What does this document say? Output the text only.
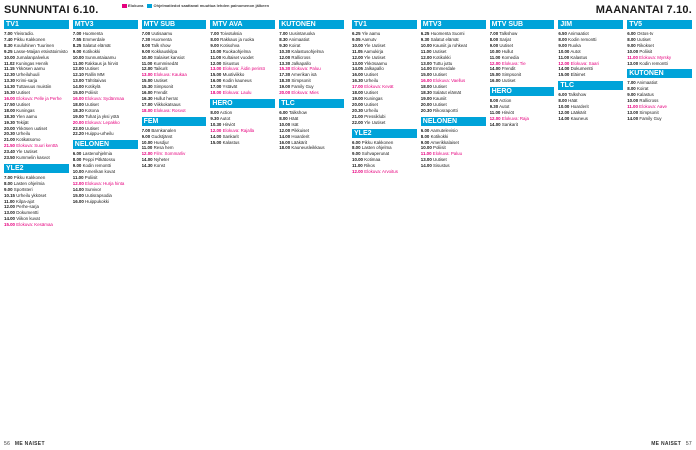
SUNNUNTAI 6.10.	Elokuva	Ohjelmatiedot saattavat muuttua lehden painomenon jälkeen
TV1
7.00 Yleisradio.
7.40 Pikku Kakkonen
8.30 Kouluhinen Tuurinen
9.25 Lasse-Maijan etsivätoimisto
10.00 Jumalanpalvelus
11.02 Kuningas Henrik
11.15 Ykkösen aamu
12.30 Urheiluhuuli
13.30 Krimi-sarja
14.30 Tuttavuus muistiin
15.30 Uutiset
16.00 Elokuva: Pelle ja Perhe
17.50 Uutiset
18.00 Kuningas
18.30 Ylen aamu
19.30 Tekijät
20.00 Ykkösen uutiset
20.30 Urheilu
21.00 Kotikatsomo
21.50 Elokuva: Suuri kenttä
23.40 Yle Uutiset
23.50 Kummelin kasvot
YLE2
7.00 Pikku Kakkonen
8.00 Lasten ohjelmia
9.00 Sportsteri
10.15 Urheilu ykköset
11.00 Kilpa-ajot
12.00 Perhe-sarja
13.00 Dokumentti
14.00 Viikon kuvat
15.00 Elokuva: Kesämaa
MTV3
7.00 Huomenta
7.55 Emmerdale
8.25 Salatut elämät
9.00 Kotikokki
10.00 Sunnuntaiaamu
11.00 Rakkaus ja hirviö
12.00 Uutiset
12.10 Rallin MM
13.00 Tähtitaivas
14.00 Kotikylä
15.00 Poliisit
16.00 Elokuva: Sydänmaa
18.00 Uutiset
18.30 Kotona
19.00 Tuhat ja yksi yötä
20.00 Elokuva: Lepakko
22.00 Uutiset
22.20 Huippu-urheilu
NELONEN
6.00 Lastenohjelmia
8.00 Peppi Pitkätossu
9.00 Kodin remontti
10.00 Amerikan kovat
11.00 Poliisit
12.00 Elokuva: Hurja hinta
14.00 Survivor
15.00 Uutisrapsodia
16.00 Huippukokki
MTV SUB
7.00 Uutisaamu
7.30 Huomenta
8.00 Talk show
9.00 Kokkauskilpa
10.00 Salaiset kansiot
11.00 Kummisedät
12.00 Taikurit
13.00 Elokuva: Kaukaa
15.00 Uutiset
15.30 Simpsonit
16.00 Frendit
16.30 Hullut herrat
17.00 Viikkokatsaus
18.00 Elokuva: Rosvot
FEM
7.00 Barnkanalen
9.00 Gudstjänst
10.00 Husdjur
11.00 Resa hem
12.00 Film: Sommarliv
14.00 Nyheter
14.30 Konst
MTV AVA
7.00 Toivotuksia
8.00 Rakkaus ja ruoka
9.00 Kotisohva
10.00 Ruokaohjelma
11.00 Kultaiset vuodet
12.00 Sisustus
13.00 Elokuva: Äidin perintö
15.00 Muotiviikko
16.00 Kodin kauneus
17.00 Ystävät
18.00 Elokuva: Laulu
HERO
8.00 Action
9.30 Autot
10.30 Hirviöt
12.00 Elokuva: Rajalla
14.00 Sankarit
15.00 Kalastus
KUTONEN
7.00 Uusintaruoka
8.30 Animaatiot
9.30 Koirat
10.30 Kalastusohjelma
12.00 Rallicross
13.30 Jalkapallo
15.30 Elokuva: Paluu
17.30 Amerikan isä
18.30 Simpsonit
19.00 Family Guy
20.00 Elokuva: Mies
TLC
6.00 Talkshow
8.00 Häät
10.00 Isät
12.00 Pikkuiset
14.00 Hoarderit
16.00 Lääkärit
18.00 Kauneusleikkaus
56 ME NAISET
MAANANTAI 7.10.
TV1
6.25 Yle aamu
9.05 Aamutv
10.00 Yle Uutiset
11.05 Aamukirja
12.00 Yle Uutiset
13.00 Ykkösaamu
14.05 Jalkapallo
16.00 Uutiset
16.30 Urheilu
17.00 Elokuva: Kevät
18.00 Uutiset
19.00 Kuningas
20.00 Uutiset
20.30 Urheilu
21.00 Pressiklubi
22.00 Yle Uutiset
YLE2
6.00 Pikku Kakkonen
8.00 Lasten ohjelma
9.00 Sohvaperunat
10.00 Kotimaa
11.00 Rikos
12.00 Elokuva: Arvoitus
MTV3
6.25 Huomenta Suomi
9.30 Salatut elämät
10.00 Kauniit ja rohkeat
11.00 Uutiset
12.00 Kotikokki
13.00 Tuttu juttu
14.00 Emmerdale
15.00 Uutiset
16.00 Elokuva: Vaellus
18.00 Uutiset
18.30 Salatut elämät
19.00 Kauniit
20.00 Uutiset
20.30 Rikosraportti
NELONEN
6.00 Aamutelevisio
8.00 Kotikokki
9.00 Amerikkalaiset
10.00 Poliisit
11.00 Elokuva: Paluu
13.00 Uutiset
14.00 Sisustus
MTV SUB
7.00 Talkshow
8.00 Sarjat
9.00 Uutiset
10.00 Hullut
11.00 Komedia
12.00 Elokuva: Tie
14.00 Frendit
15.00 Simpsonit
16.00 Uutiset
HERO
8.00 Action
9.30 Autot
11.00 Hirviöt
12.00 Elokuva: Raja
14.00 Sankarit
JIM
6.50 Animaatiot
8.00 Kodin remontti
9.00 Ruoka
10.00 Autot
11.00 Kalastus
12.00 Elokuva: Saari
14.00 Dokumentti
15.00 Eläimet
TLC
6.00 Talkshow
8.00 Häät
10.00 Hoarderit
12.00 Lääkärit
14.00 Kauneus
TV5
6.00 Ostos-tv
8.00 Uutiset
9.00 Rikokset
10.00 Poliisit
11.00 Elokuva: Myrsky
13.00 Kodin remontti
KUTONEN
7.00 Animaatiot
8.00 Koirat
9.00 Kalastus
10.00 Rallicross
11.00 Elokuva: Aave
13.00 Simpsonit
14.00 Family Guy
ME NAISET 57
